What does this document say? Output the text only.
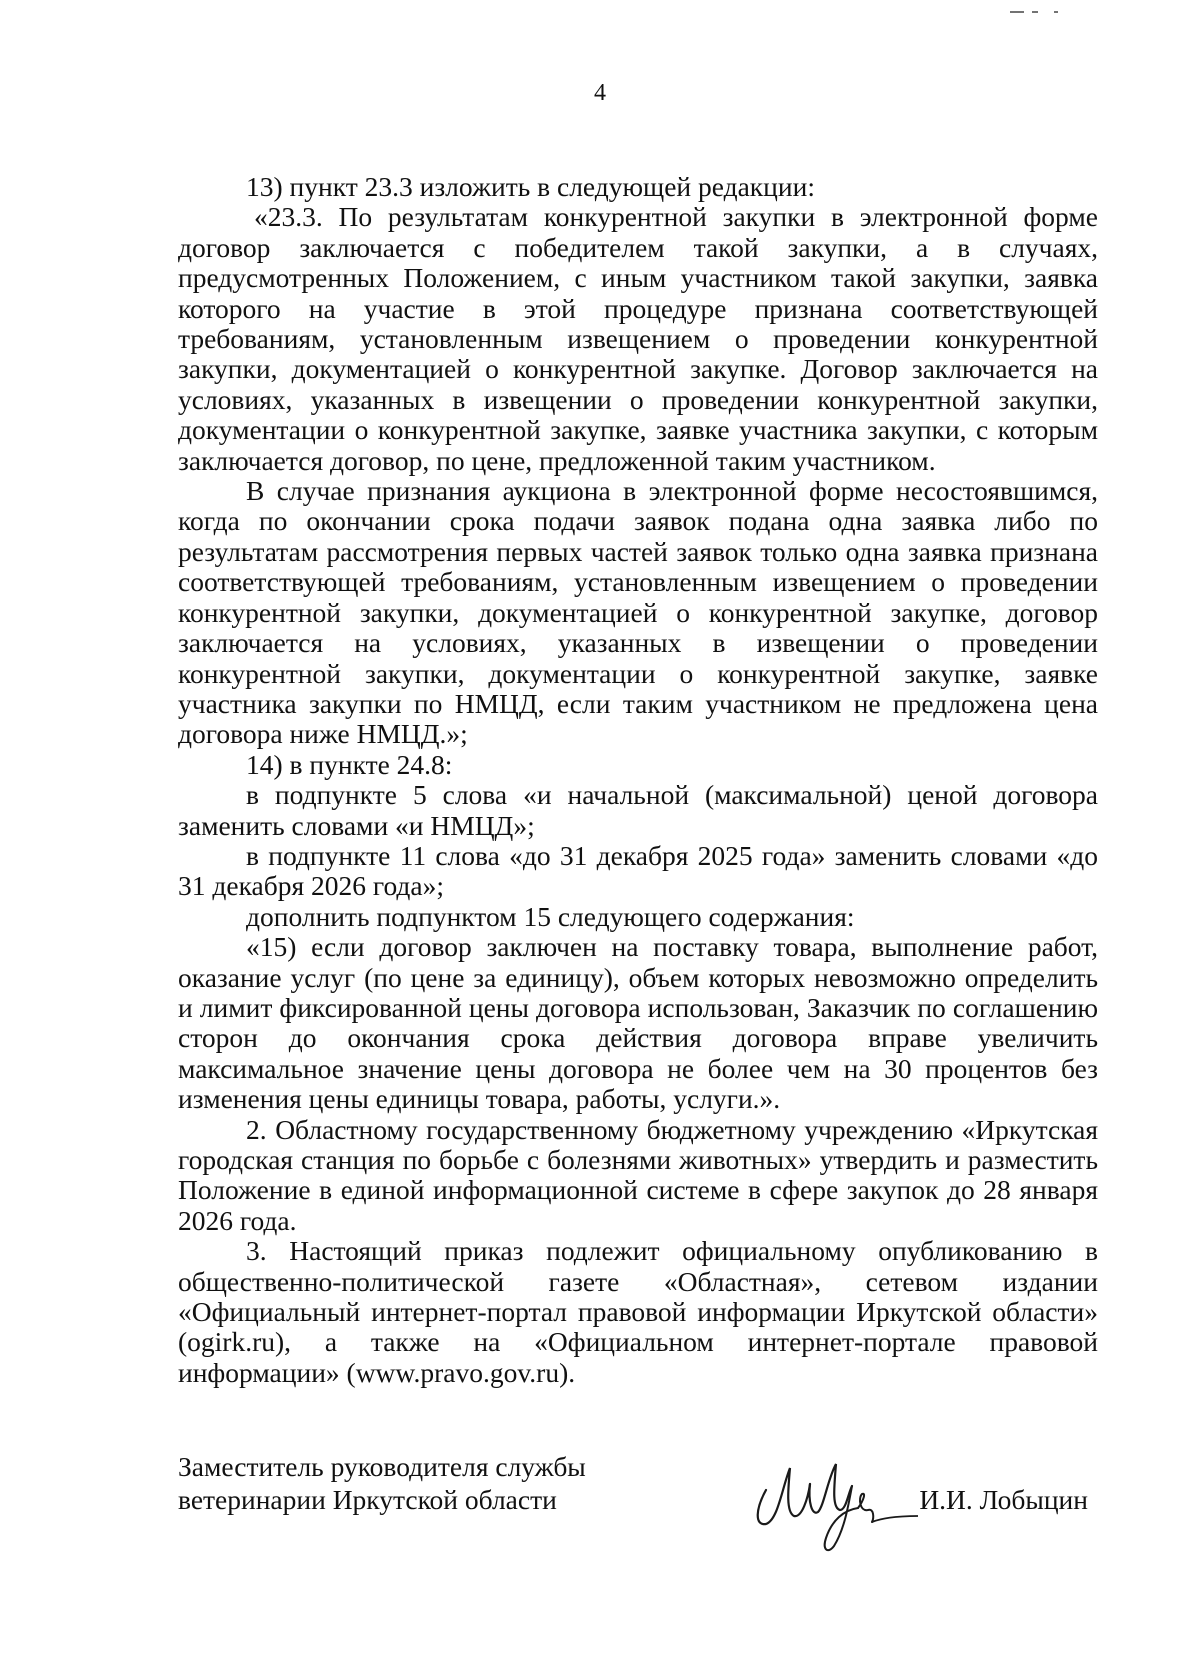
4

13) пункт 23.3 изложить в следующей редакции:

«23.3. По результатам конкурентной закупки в электронной форме договор заключается с победителем такой закупки, а в случаях, предусмотренных Положением, с иным участником такой закупки, заявка которого на участие в этой процедуре признана соответствующей требованиям, установленным извещением о проведении конкурентной закупки, документацией о конкурентной закупке. Договор заключается на условиях, указанных в извещении о проведении конкурентной закупки, документации о конкурентной закупке, заявке участника закупки, с которым заключается договор, по цене, предложенной таким участником.

В случае признания аукциона в электронной форме несостоявшимся, когда по окончании срока подачи заявок подана одна заявка либо по результатам рассмотрения первых частей заявок только одна заявка признана соответствующей требованиям, установленным извещением о проведении конкурентной закупки, документацией о конкурентной закупке, договор заключается на условиях, указанных в извещении о проведении конкурентной закупки, документации о конкурентной закупке, заявке участника закупки по НМЦД, если таким участником не предложена цена договора ниже НМЦД.»;

14) в пункте 24.8:

в подпункте 5 слова «и начальной (максимальной) ценой договора заменить словами «и НМЦД»;

в подпункте 11 слова «до 31 декабря 2025 года» заменить словами «до 31 декабря 2026 года»;

дополнить подпунктом 15 следующего содержания:

«15) если договор заключен на поставку товара, выполнение работ, оказание услуг (по цене за единицу), объем которых невозможно определить и лимит фиксированной цены договора использован, Заказчик по соглашению сторон до окончания срока действия договора вправе увеличить максимальное значение цены договора не более чем на 30 процентов без изменения цены единицы товара, работы, услуги.».

2. Областному государственному бюджетному учреждению «Иркутская городская станция по борьбе с болезнями животных» утвердить и разместить Положение в единой информационной системе в сфере закупок до 28 января 2026 года.

3. Настоящий приказ подлежит официальному опубликованию в общественно-политической газете «Областная», сетевом издании «Официальный интернет-портал правовой информации Иркутской области» (ogirk.ru), а также на «Официальном интернет-портале правовой информации» (www.pravo.gov.ru).

Заместитель руководителя службы
ветеринарии Иркутской области	И.И. Лобыцин
